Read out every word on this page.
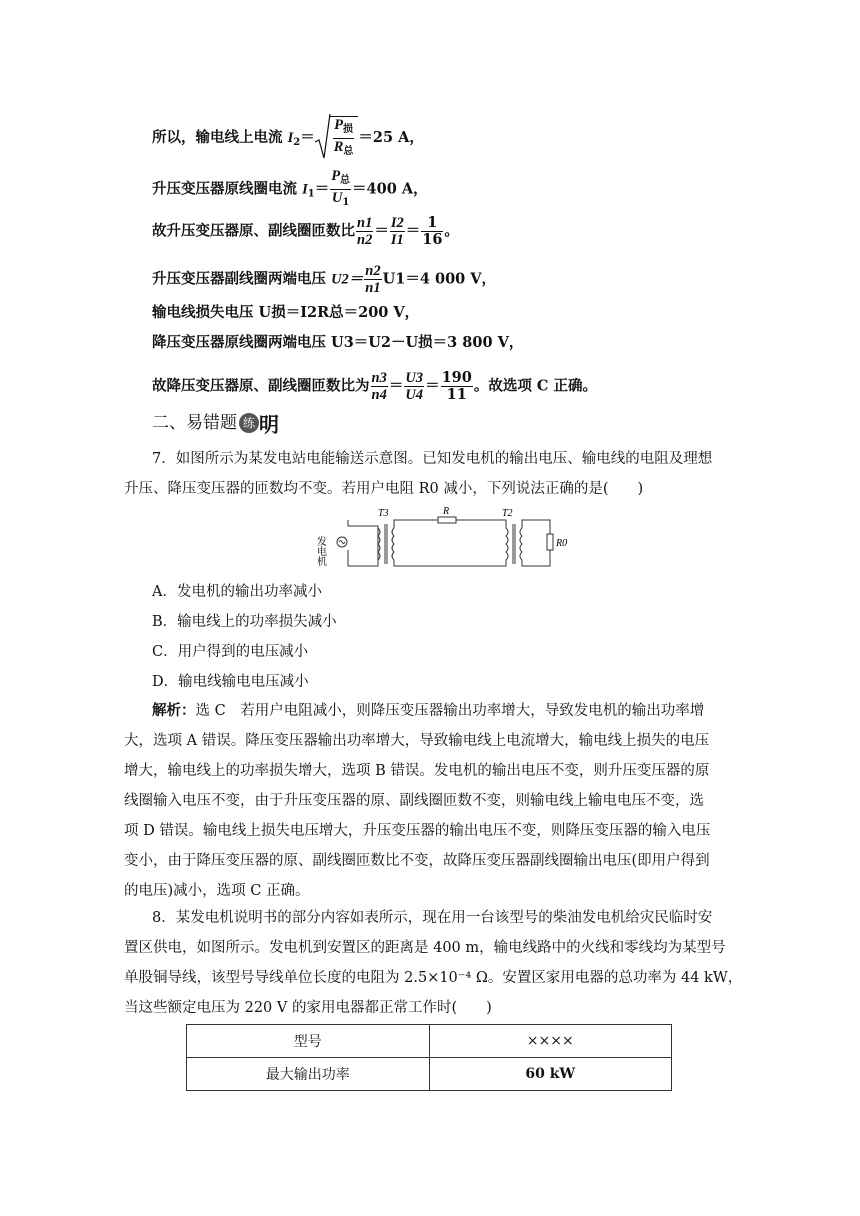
所以，输电线上电流 $I_2= \frac{P_损}{R_总} =25$ A，
升压变压器原线圈电流 $I_1= \frac{P_总}{U_1} =400$ A，
故升压变压器原、副线圈匝数比 $\frac{n1}{n2} = \frac{I2}{I1} = \frac{1}{16}$ 。
升压变压器副线圈两端电压 $U2= \frac{n2}{n1} U1=4$ 000 V，
输电线损失电压 U损＝I2R总＝200 V，
降压变压器原线圈两端电压 U3＝U2－U损＝3 800 V，
故降压变压器原、副线圈匝数比为 $\frac{n3}{n4} = \frac{U3}{U4} = \frac{190}{11}$ 。故选项 C 正确。
二、易错题 练 明
7．如图所示为某发电站电能输送示意图。已知发电机的输出电压、输电线的电阻及理想
升压、降压变压器的匝数均不变。若用户电阻 R0 减小，下列说法正确的是(　　)
发电机
T3	R	T2
R0
A．发电机的输出功率减小
B．输电线上的功率损失减小
C．用户得到的电压减小
D．输电线输电电压减小
解析：选 C　若用户电阻减小，则降压变压器输出功率增大，导致发电机的输出功率增
大，选项 A 错误。降压变压器输出功率增大，导致输电线上电流增大，输电线上损失的电压
增大，输电线上的功率损失增大，选项 B 错误。发电机的输出电压不变，则升压变压器的原
线圈输入电压不变，由于升压变压器的原、副线圈匝数不变，则输电线上输电电压不变，选
项 D 错误。输电线上损失电压增大，升压变压器的输出电压不变，则降压变压器的输入电压
变小，由于降压变压器的原、副线圈匝数比不变，故降压变压器副线圈输出电压(即用户得到
的电压)减小，选项 C 正确。
8．某发电机说明书的部分内容如表所示，现在用一台该型号的柴油发电机给灾民临时安
置区供电，如图所示。发电机到安置区的距离是 400 m，输电线路中的火线和零线均为某型号
单股铜导线，该型号导线单位长度的电阻为 2.5×10⁻⁴ Ω。安置区家用电器的总功率为 44 kW，
当这些额定电压为 220 V 的家用电器都正常工作时(　　)
型号	××××
最大输出功率	60 kW
